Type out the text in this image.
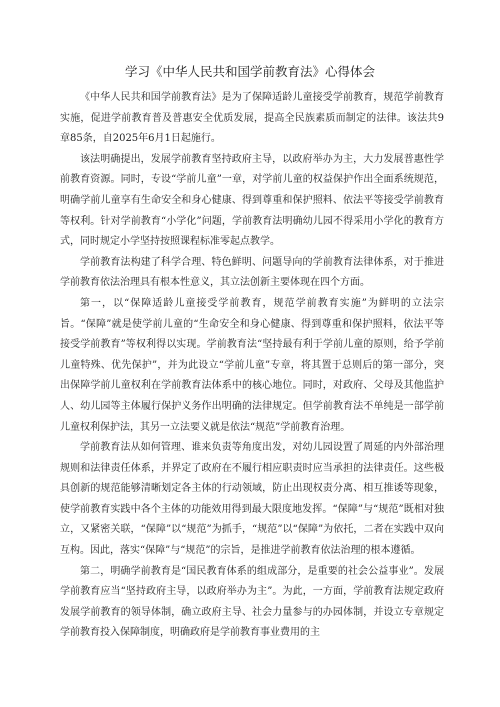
学习《中华人民共和国学前教育法》心得体会

《中华人民共和国学前教育法》是为了保障适龄儿童接受学前教育，规范学前教育实施，促进学前教育普及普惠安全优质发展，提高全民族素质而制定的法律。该法共9章85条，自2025年6月1日起施行。

该法明确提出，发展学前教育坚持政府主导，以政府举办为主，大力发展普惠性学前教育资源。同时，专设“学前儿童”一章，对学前儿童的权益保护作出全面系统规范，明确学前儿童享有生命安全和身心健康、得到尊重和保护照料、依法平等接受学前教育等权利。针对学前教育“小学化”问题，学前教育法明确幼儿园不得采用小学化的教育方式，同时规定小学坚持按照课程标准零起点教学。

学前教育法构建了科学合理、特色鲜明、问题导向的学前教育法律体系，对于推进学前教育依法治理具有根本性意义，其立法创新主要体现在四个方面。

第一，以“保障适龄儿童接受学前教育，规范学前教育实施”为鲜明的立法宗旨。“保障”就是使学前儿童的“生命安全和身心健康、得到尊重和保护照料，依法平等接受学前教育”等权利得以实现。学前教育法“坚持最有利于学前儿童的原则，给予学前儿童特殊、优先保护”，并为此设立“学前儿童”专章，将其置于总则后的第一部分，突出保障学前儿童权利在学前教育法体系中的核心地位。同时，对政府、父母及其他监护人、幼儿园等主体履行保护义务作出明确的法律规定。但学前教育法不单纯是一部学前儿童权利保护法，其另一立法要义就是依法“规范”学前教育治理。

学前教育法从如何管理、谁来负责等角度出发，对幼儿园设置了周延的内外部治理规则和法律责任体系，并界定了政府在不履行相应职责时应当承担的法律责任。这些极具创新的规范能够清晰划定各主体的行动领域，防止出现权责分离、相互推诿等现象，使学前教育实践中各个主体的功能效用得到最大限度地发挥。“保障”与“规范”既相对独立，又紧密关联，“保障”以“规范”为抓手，“规范”以“保障”为依托，二者在实践中双向互构。因此，落实“保障”与“规范”的宗旨，是推进学前教育依法治理的根本遵循。

第二，明确学前教育是“国民教育体系的组成部分，是重要的社会公益事业”。发展学前教育应当“坚持政府主导，以政府举办为主”。为此，一方面，学前教育法规定政府发展学前教育的领导体制，确立政府主导、社会力量参与的办园体制，并设立专章规定学前教育投入保障制度，明确政府是学前教育事业费用的主
